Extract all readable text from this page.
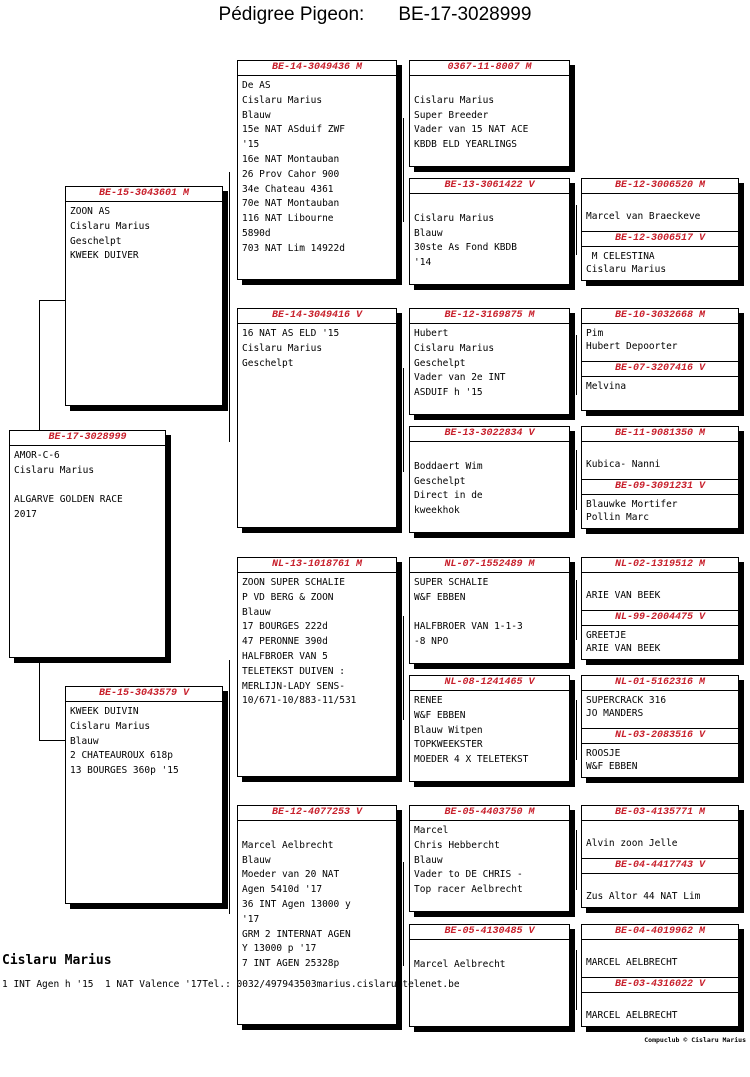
Pédigree Pigeon: BE-17-3028999
BE-17-3028999
AMOR-C-6
Cislaru Marius

ALGARVE GOLDEN RACE
2017
BE-15-3043601 M
ZOON AS
Cislaru Marius
Geschelpt
KWEEK DUIVER
BE-15-3043579 V
KWEEK DUIVIN
Cislaru Marius
Blauw
2 CHATEAUROUX 618p
13 BOURGES 360p '15
BE-14-3049436 M
De AS
Cislaru Marius
Blauw
15e NAT ASduif ZWF
'15
16e NAT Montauban
26 Prov Cahor 900
34e Chateau 4361
70e NAT Montauban
116 NAT Libourne
5890d
703 NAT Lim 14922d
BE-14-3049416 V
16 NAT AS ELD '15
Cislaru Marius
Geschelpt
NL-13-1018761 M
ZOON SUPER SCHALIE
P VD BERG & ZOON
Blauw
17 BOURGES 222d
47 PERONNE 390d
HALFBROER VAN 5
TELETEKST DUIVEN :
MERLIJN-LADY SENS-
10/671-10/883-11/531
BE-12-4077253 V

Marcel Aelbrecht
Blauw
Moeder van 20 NAT
Agen 5410d '17
36 INT Agen 13000 y
'17
GRM 2 INTERNAT AGEN
Y 13000 p '17
7 INT AGEN 25328p
0367-11-8007 M

Cislaru Marius
Super Breeder
Vader van 15 NAT ACE
KBDB ELD YEARLINGS
BE-13-3061422 V

Cislaru Marius
Blauw
30ste As Fond KBDB
'14
BE-12-3169875 M
Hubert
Cislaru Marius
Geschelpt
Vader van 2e INT
ASDUIF h '15
BE-13-3022834 V

Boddaert Wim
Geschelpt
Direct in de
kweekhok
NL-07-1552489 M
SUPER SCHALIE
W&F EBBEN

HALFBROER VAN 1-1-3
-8 NPO
NL-08-1241465 V
RENEE
W&F EBBEN
Blauw Witpen
TOPKWEEKSTER
MOEDER 4 X TELETEKST
BE-05-4403750 M
Marcel
Chris Hebbercht
Blauw
Vader to DE CHRIS -
Top racer Aelbrecht
BE-05-4130485 V

Marcel Aelbrecht
BE-12-3006520 M

Marcel van Braeckeve
BE-12-3006517 V
M CELESTINA
Cislaru Marius
BE-10-3032668 M
Pim
Hubert Depoorter
BE-07-3207416 V
Melvina
BE-11-9081350 M

Kubica- Nanni
BE-09-3091231 V
Blauwke Mortifer
Pollin Marc
NL-02-1319512 M

ARIE VAN BEEK
NL-99-2004475 V
GREETJE
ARIE VAN BEEK
NL-01-5162316 M
SUPERCRACK 316
JO MANDERS
NL-03-2083516 V
ROOSJE
W&F EBBEN
BE-03-4135771 M

Alvin zoon Jelle
BE-04-4417743 V

Zus Altor 44 NAT Lim
BE-04-4019962 M

MARCEL AELBRECHT
BE-03-4316022 V

MARCEL AELBRECHT
Cislaru Marius
1 INT Agen h '15  1 NAT Valence '17Tel.: 0032/497943503marius.cislaru@telenet.be
Compuclub © Cislaru Marius
